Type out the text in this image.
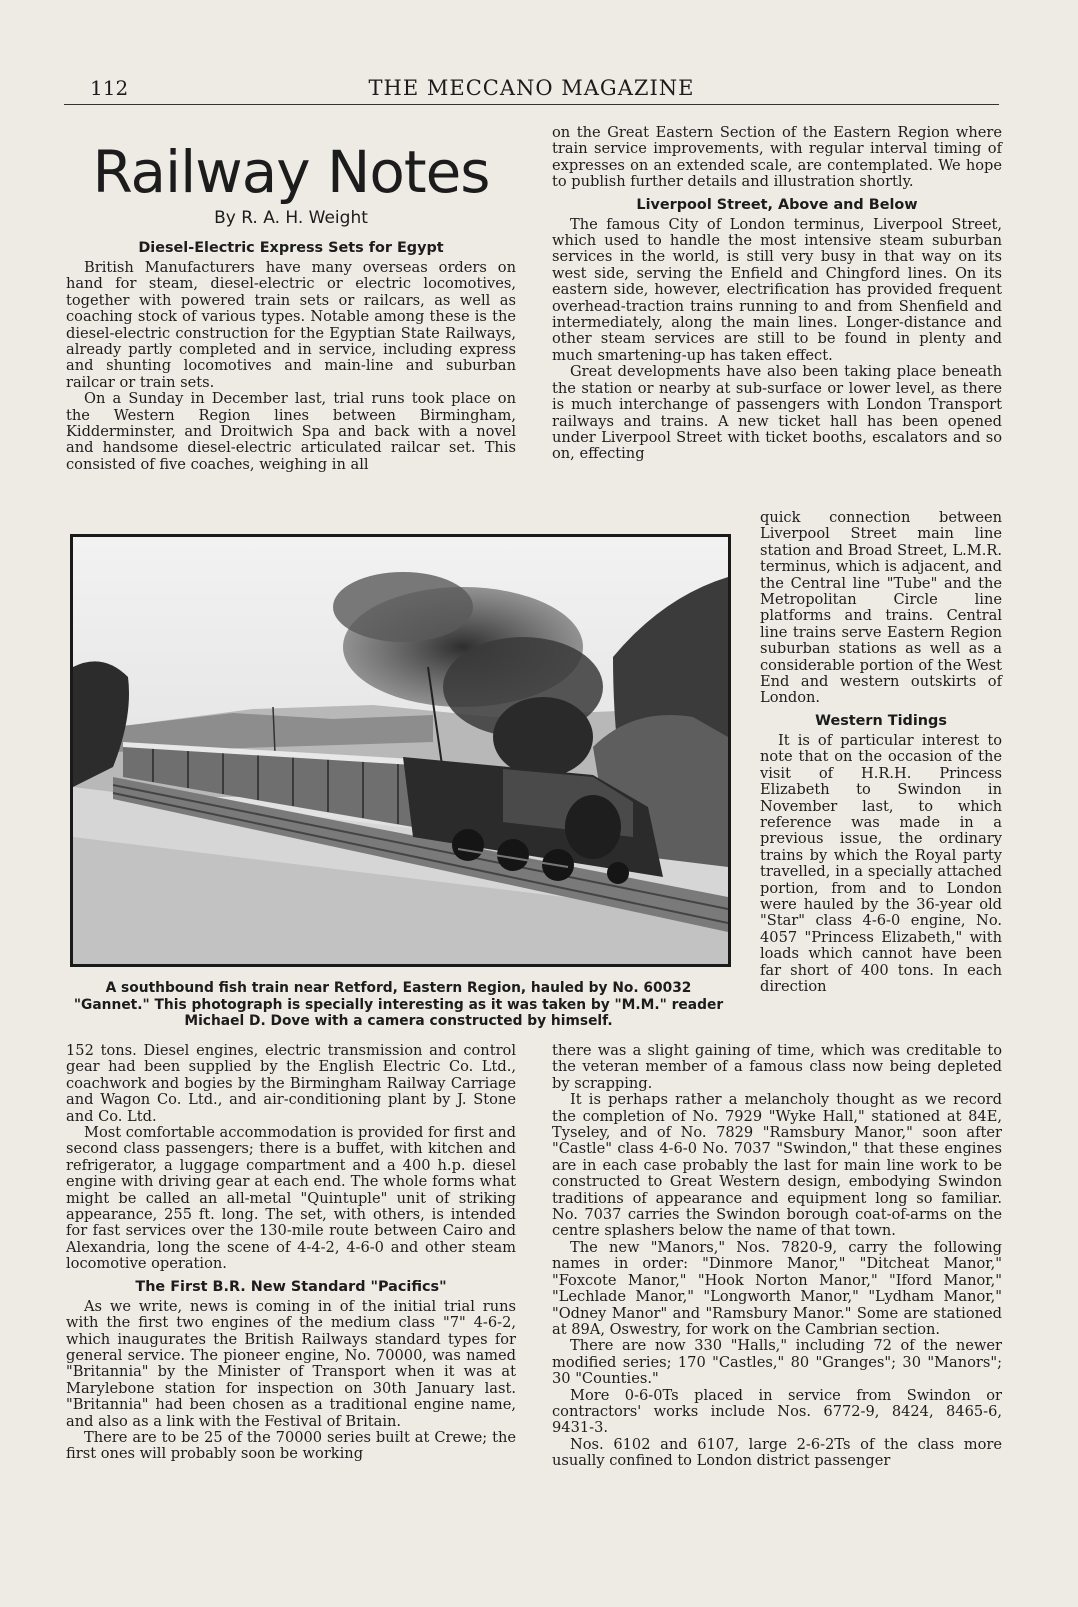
112	THE MECCANO MAGAZINE
Railway Notes
By R. A. H. Weight
Diesel-Electric Express Sets for Egypt

British Manufacturers have many overseas orders on hand for steam, diesel-electric or electric locomotives, together with powered train sets or railcars, as well as coaching stock of various types. Notable among these is the diesel-electric construction for the Egyptian State Railways, already partly completed and in service, including express and shunting locomotives and main-line and suburban railcar or train sets.

On a Sunday in December last, trial runs took place on the Western Region lines between Birmingham, Kidderminster, and Droitwich Spa and back with a novel and handsome diesel-electric articulated railcar set. This consisted of five coaches, weighing in all

on the Great Eastern Section of the Eastern Region where train service improvements, with regular interval timing of expresses on an extended scale, are contemplated. We hope to publish further details and illustration shortly.

Liverpool Street, Above and Below

The famous City of London terminus, Liverpool Street, which used to handle the most intensive steam suburban services in the world, is still very busy in that way on its west side, serving the Enfield and Chingford lines. On its eastern side, however, electrification has provided frequent overhead-traction trains running to and from Shenfield and intermediately, along the main lines. Longer-distance and other steam services are still to be found in plenty and much smartening-up has taken effect.

Great developments have also been taking place beneath the station or nearby at sub-surface or lower level, as there is much interchange of passengers with London Transport railways and trains. A new ticket hall has been opened under Liverpool Street with ticket booths, escalators and so on, effecting

quick connection between Liverpool Street main line station and Broad Street, L.M.R. terminus, which is adjacent, and the Central line "Tube" and the Metropolitan Circle line platforms and trains. Central line trains serve Eastern Region suburban stations as well as a considerable portion of the West End and western outskirts of London.

Western Tidings

It is of particular interest to note that on the occasion of the visit of H.R.H. Princess Elizabeth to Swindon in November last, to which reference was made in a previous issue, the ordinary trains by which the Royal party travelled, in a specially attached portion, from and to London were hauled by the 36-year old "Star" class 4-6-0 engine, No. 4057 "Princess Elizabeth," with loads which cannot have been far short of 400 tons. In each direction

A southbound fish train near Retford, Eastern Region, hauled by No. 60032 "Gannet." This photograph is specially interesting as it was taken by "M.M." reader Michael D. Dove with a camera constructed by himself.

152 tons. Diesel engines, electric transmission and control gear had been supplied by the English Electric Co. Ltd., coachwork and bogies by the Birmingham Railway Carriage and Wagon Co. Ltd., and air-conditioning plant by J. Stone and Co. Ltd.

Most comfortable accommodation is provided for first and second class passengers; there is a buffet, with kitchen and refrigerator, a luggage compartment and a 400 h.p. diesel engine with driving gear at each end. The whole forms what might be called an all-metal "Quintuple" unit of striking appearance, 255 ft. long. The set, with others, is intended for fast services over the 130-mile route between Cairo and Alexandria, long the scene of 4-4-2, 4-6-0 and other steam locomotive operation.

The First B.R. New Standard "Pacifics"

As we write, news is coming in of the initial trial runs with the first two engines of the medium class "7" 4-6-2, which inaugurates the British Railways standard types for general service. The pioneer engine, No. 70000, was named "Britannia" by the Minister of Transport when it was at Marylebone station for inspection on 30th January last. "Britannia" had been chosen as a traditional engine name, and also as a link with the Festival of Britain.

There are to be 25 of the 70000 series built at Crewe; the first ones will probably soon be working

there was a slight gaining of time, which was creditable to the veteran member of a famous class now being depleted by scrapping.

It is perhaps rather a melancholy thought as we record the completion of No. 7929 "Wyke Hall," stationed at 84E, Tyseley, and of No. 7829 "Ramsbury Manor," soon after "Castle" class 4-6-0 No. 7037 "Swindon," that these engines are in each case probably the last for main line work to be constructed to Great Western design, embodying Swindon traditions of appearance and equipment long so familiar. No. 7037 carries the Swindon borough coat-of-arms on the centre splashers below the name of that town.

The new "Manors," Nos. 7820-9, carry the following names in order: "Dinmore Manor," "Ditcheat Manor," "Foxcote Manor," "Hook Norton Manor," "Iford Manor," "Lechlade Manor," "Longworth Manor," "Lydham Manor," "Odney Manor" and "Ramsbury Manor." Some are stationed at 89A, Oswestry, for work on the Cambrian section.

There are now 330 "Halls," including 72 of the newer modified series; 170 "Castles," 80 "Granges"; 30 "Manors"; 30 "Counties."

More 0-6-0Ts placed in service from Swindon or contractors' works include Nos. 6772-9, 8424, 8465-6, 9431-3.

Nos. 6102 and 6107, large 2-6-2Ts of the class more usually confined to London district passenger
